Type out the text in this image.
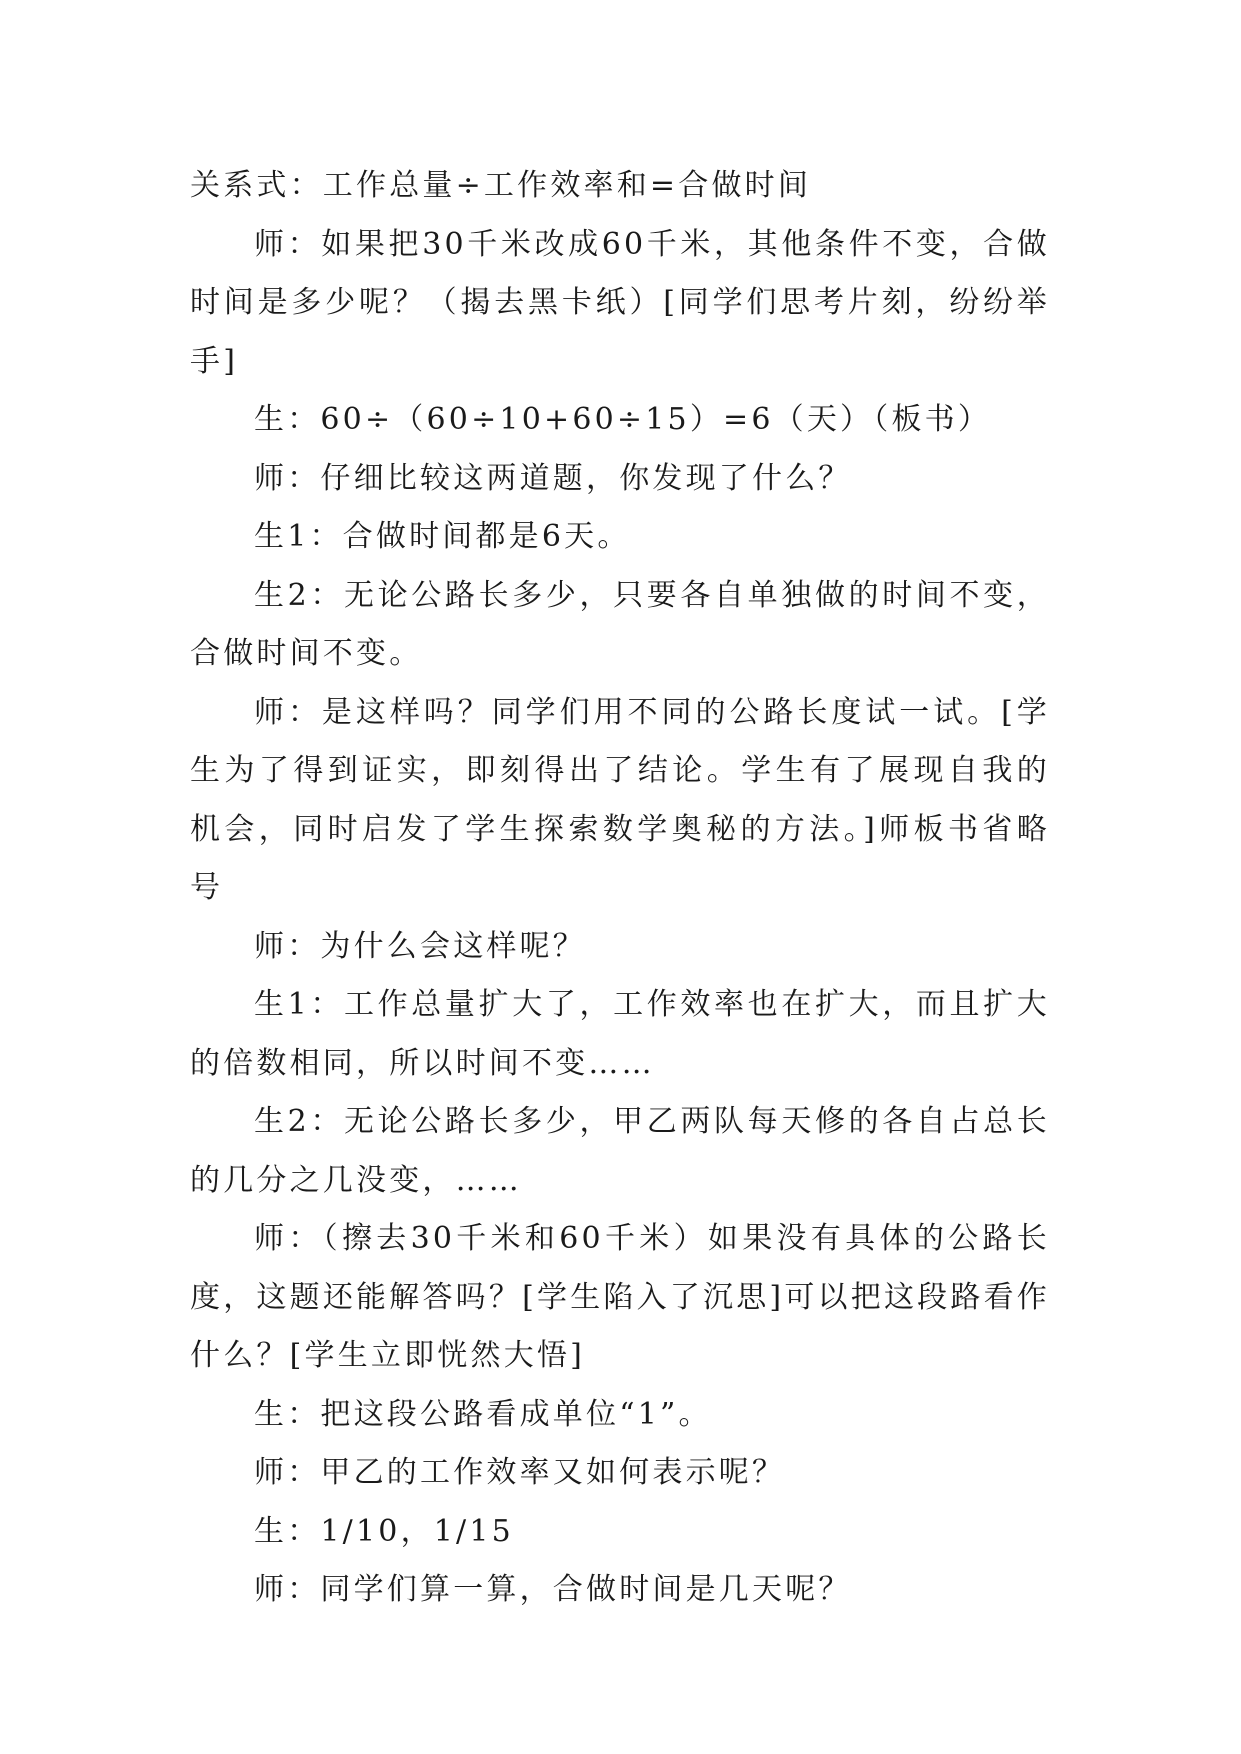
关系式：工作总量÷工作效率和=合做时间

师：如果把30千米改成60千米，其他条件不变，合做时间是多少呢？（揭去黑卡纸）[同学们思考片刻，纷纷举手]

生：60÷（60÷10+60÷15）=6（天）（板书）

师：仔细比较这两道题，你发现了什么？

生1：合做时间都是6天。

生2：无论公路长多少，只要各自单独做的时间不变，合做时间不变。

师：是这样吗？同学们用不同的公路长度试一试。[学生为了得到证实，即刻得出了结论。学生有了展现自我的机会，同时启发了学生探索数学奥秘的方法。]师板书省略号

师：为什么会这样呢？

生1：工作总量扩大了，工作效率也在扩大，而且扩大的倍数相同，所以时间不变……

生2：无论公路长多少，甲乙两队每天修的各自占总长的几分之几没变，……

师：（擦去30千米和60千米）如果没有具体的公路长度，这题还能解答吗？[学生陷入了沉思]可以把这段路看作什么？[学生立即恍然大悟]

生：把这段公路看成单位“1”。

师：甲乙的工作效率又如何表示呢？

生：1/10，1/15

师：同学们算一算，合做时间是几天呢？
